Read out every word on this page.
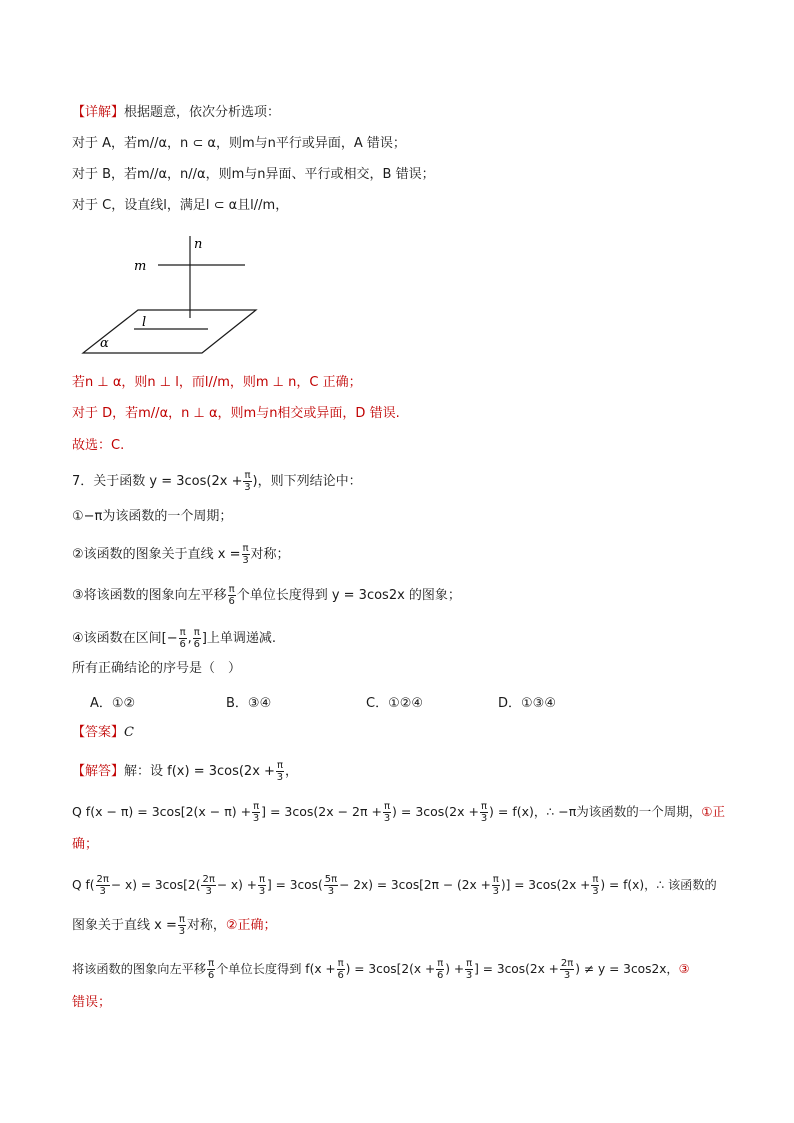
【详解】根据题意，依次分析选项：
对于 A，若m//α，n ⊂ α，则m与n平行或异面，A 错误；
对于 B，若m//α，n//α，则m与n异面、平行或相交，B 错误；
对于 C，设直线l，满足l ⊂ α且l//m，
n
m
l
α
若n ⊥ α，则n ⊥ l，而l//m，则m ⊥ n，C 正确；
对于 D，若m//α，n ⊥ α，则m与n相交或异面，D 错误.
故选：C.
7．关于函数 $y = 3\cos(2x + \frac{\pi}{3}$ )，则下列结论中：
①−π为该函数的一个周期；
②该函数的图象关于直线 $x = \frac{\pi}{3}$ 对称；
③将该函数的图象向左平移 $\frac{\pi}{6}$ 个单位长度得到 y = 3cos2x 的图象；
④该函数在区间[− $\frac{\pi}{6}$ , $\frac{\pi}{6}$ ]上单调递减.
所有正确结论的序号是（　）
A．①②	B．③④	C．①②④	D．①③④
【答案】C
【解答】解：设 $f(x) = 3\cos(2x + \frac{\pi}{3}$ ，
Q $f(x - \pi) = 3\cos[2(x - \pi) + \frac{\pi}{3}$ ] = $3\cos(2x - 2\pi + \frac{\pi}{3}$ ) = $3\cos(2x + \frac{\pi}{3}$ ) = f(x)，∴ −π为该函数的一个周期，①正
确；
Q $f( \frac{2\pi}{3} - x) = 3\cos[2( \frac{2\pi}{3} - x) + \frac{\pi}{3}$ ] = $3\cos( \frac{5\pi}{3} - 2x) = 3\cos[2\pi - (2x + \frac{\pi}{3}$ )] = $3\cos(2x + \frac{\pi}{3}$ ) = f(x)，∴ 该函数的
图象关于直线 $x = \frac{\pi}{3}$ 对称，②正确；
将该函数的图象向左平移 $\frac{\pi}{6}$ 个单位长度得到 $f(x + \frac{\pi}{6}$ ) = $3\cos[2(x + \frac{\pi}{6}$ ) + $\frac{\pi}{3}$ ] = $3\cos(2x + \frac{2\pi}{3}$ ) ≠ y = 3cos2x，③
错误；
